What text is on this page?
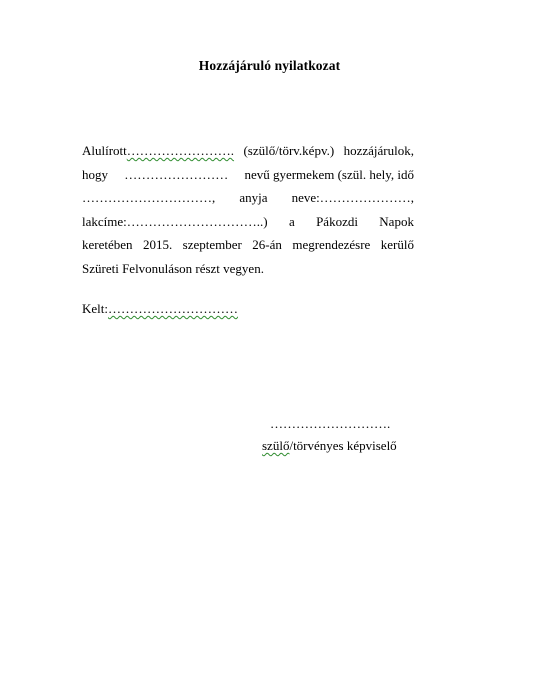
Hozzájáruló nyilatkozat
Alulírott……………………. (szülő/törv.képv.) hozzájárulok,
hogy …………………… nevű gyermekem (szül. hely, idő
…………………………, anyja neve:…………………,
lakcíme:…………………………..) a Pákozdi Napok
keretében 2015. szeptember 26-án megrendezésre kerülő
Szüreti Felvonuláson részt vegyen.
Kelt:…………………………
……………………….
szülő/törvényes képviselő
